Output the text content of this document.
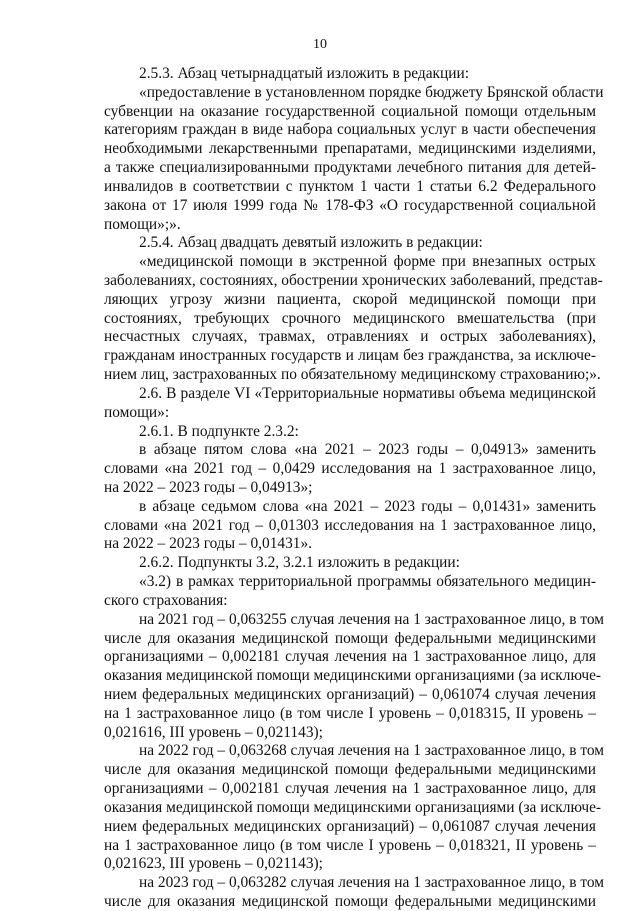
10
2.5.3. Абзац четырнадцатый изложить в редакции:
«предоставление в установленном порядке бюджету Брянской области
субвенции на оказание государственной социальной помощи отдельным
категориям граждан в виде набора социальных услуг в части обеспечения
необходимыми лекарственными препаратами, медицинскими изделиями,
а также специализированными продуктами лечебного питания для детей-
инвалидов в соответствии с пунктом 1 части 1 статьи 6.2 Федерального
закона от 17 июля 1999 года № 178-ФЗ «О государственной социальной
помощи»;».
2.5.4. Абзац двадцать девятый изложить в редакции:
«медицинской помощи в экстренной форме при внезапных острых
заболеваниях, состояниях, обострении хронических заболеваний, представ-
ляющих угрозу жизни пациента, скорой медицинской помощи при
состояниях, требующих срочного медицинского вмешательства (при
несчастных случаях, травмах, отравлениях и острых заболеваниях),
гражданам иностранных государств и лицам без гражданства, за исключе-
нием лиц, застрахованных по обязательному медицинскому страхованию;».
2.6. В разделе VI «Территориальные нормативы объема медицинской
помощи»:
2.6.1. В подпункте 2.3.2:
в абзаце пятом слова «на 2021 – 2023 годы – 0,04913» заменить
словами «на 2021 год – 0,0429 исследования на 1 застрахованное лицо,
на 2022 – 2023 годы – 0,04913»;
в абзаце седьмом слова «на 2021 – 2023 годы – 0,01431» заменить
словами «на 2021 год – 0,01303 исследования на 1 застрахованное лицо,
на 2022 – 2023 годы – 0,01431».
2.6.2. Подпункты 3.2, 3.2.1 изложить в редакции:
«3.2) в рамках территориальной программы обязательного медицин-
ского страхования:
на 2021 год – 0,063255 случая лечения на 1 застрахованное лицо, в том
числе для оказания медицинской помощи федеральными медицинскими
организациями – 0,002181 случая лечения на 1 застрахованное лицо, для
оказания медицинской помощи медицинскими организациями (за исключе-
нием федеральных медицинских организаций) – 0,061074 случая лечения
на 1 застрахованное лицо (в том числе I уровень – 0,018315, II уровень –
0,021616, III уровень – 0,021143);
на 2022 год – 0,063268 случая лечения на 1 застрахованное лицо, в том
числе для оказания медицинской помощи федеральными медицинскими
организациями – 0,002181 случая лечения на 1 застрахованное лицо, для
оказания медицинской помощи медицинскими организациями (за исключе-
нием федеральных медицинских организаций) – 0,061087 случая лечения
на 1 застрахованное лицо (в том числе I уровень – 0,018321, II уровень –
0,021623, III уровень – 0,021143);
на 2023 год – 0,063282 случая лечения на 1 застрахованное лицо, в том
числе для оказания медицинской помощи федеральными медицинскими
